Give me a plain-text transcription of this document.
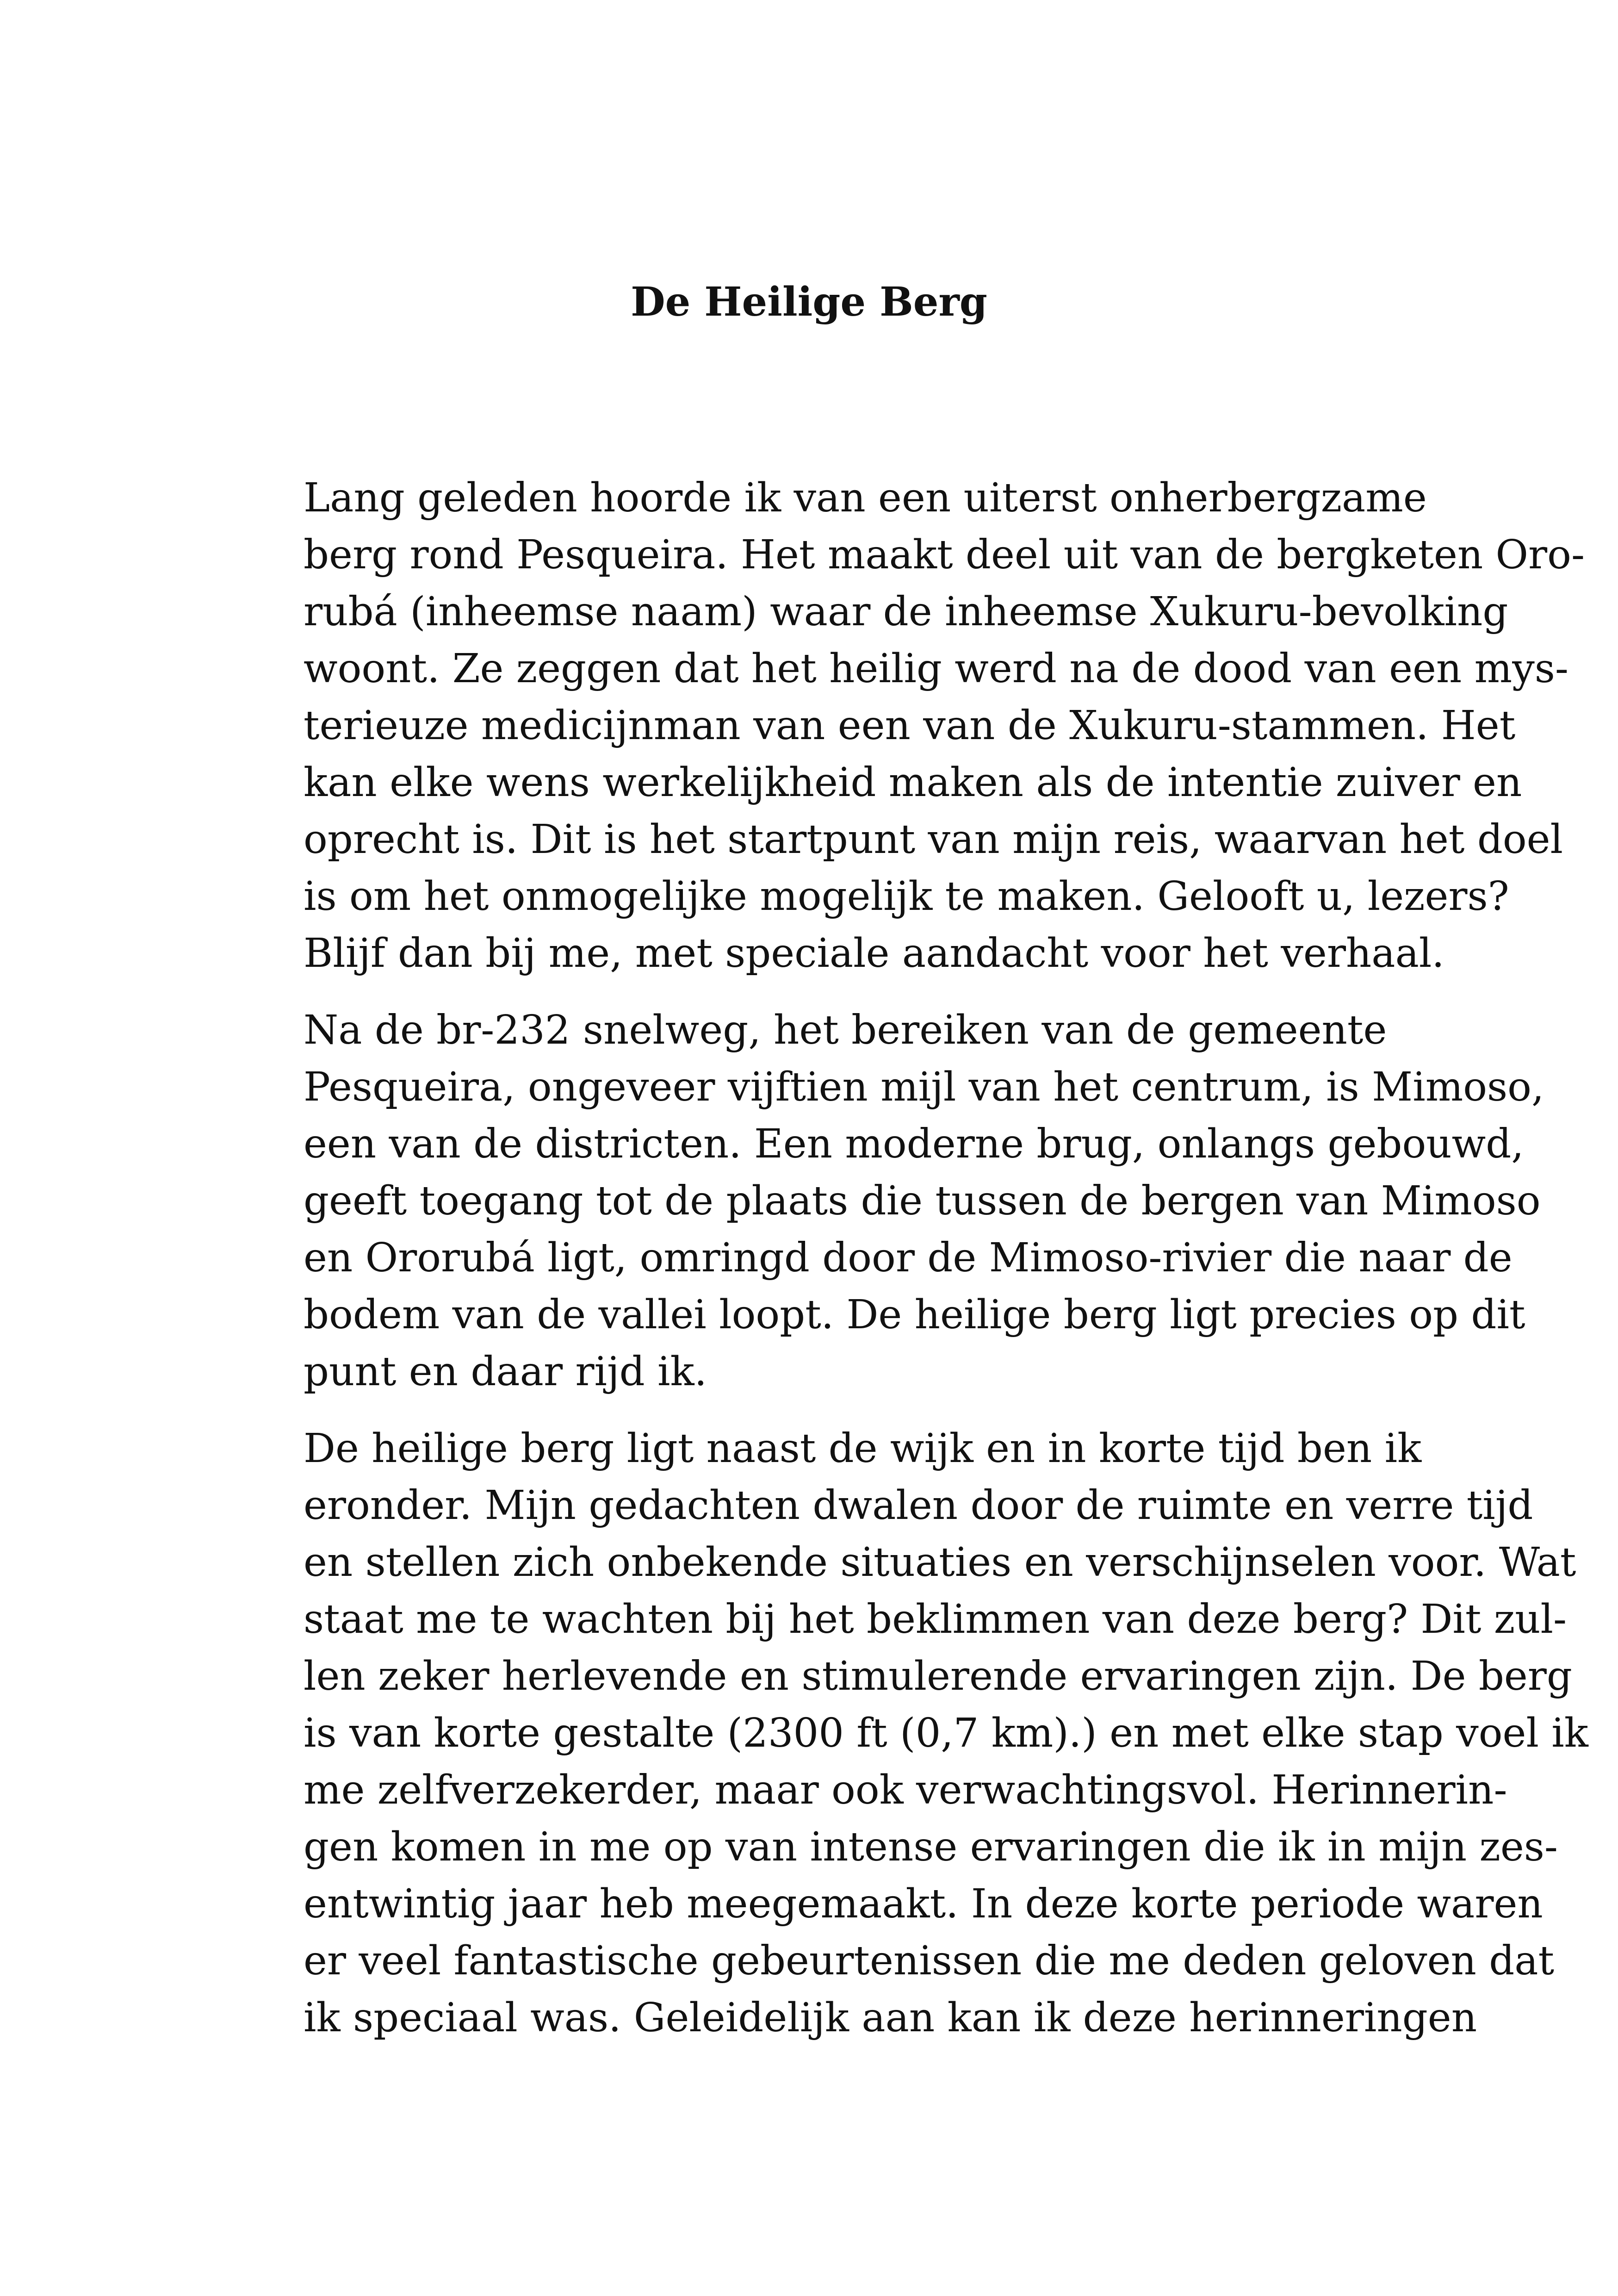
De Heilige Berg

Lang geleden hoorde ik van een uiterst onherbergzame
berg rond Pesqueira. Het maakt deel uit van de bergketen Oro-
rubá (inheemse naam) waar de inheemse Xukuru-bevolking
woont. Ze zeggen dat het heilig werd na de dood van een mys-
terieuze medicijnman van een van de Xukuru-stammen. Het
kan elke wens werkelijkheid maken als de intentie zuiver en
oprecht is. Dit is het startpunt van mijn reis, waarvan het doel
is om het onmogelijke mogelijk te maken. Gelooft u, lezers?
Blijf dan bij me, met speciale aandacht voor het verhaal.

Na de br-232 snelweg, het bereiken van de gemeente
Pesqueira, ongeveer vijftien mijl van het centrum, is Mimoso,
een van de districten. Een moderne brug, onlangs gebouwd,
geeft toegang tot de plaats die tussen de bergen van Mimoso
en Ororubá ligt, omringd door de Mimoso-rivier die naar de
bodem van de vallei loopt. De heilige berg ligt precies op dit
punt en daar rijd ik.

De heilige berg ligt naast de wijk en in korte tijd ben ik
eronder. Mijn gedachten dwalen door de ruimte en verre tijd
en stellen zich onbekende situaties en verschijnselen voor. Wat
staat me te wachten bij het beklimmen van deze berg? Dit zul-
len zeker herlevende en stimulerende ervaringen zijn. De berg
is van korte gestalte (2300 ft (0,7 km).) en met elke stap voel ik
me zelfverzekerder, maar ook verwachtingsvol. Herinnerin-
gen komen in me op van intense ervaringen die ik in mijn zes-
entwintig jaar heb meegemaakt. In deze korte periode waren
er veel fantastische gebeurtenissen die me deden geloven dat
ik speciaal was. Geleidelijk aan kan ik deze herinneringen
